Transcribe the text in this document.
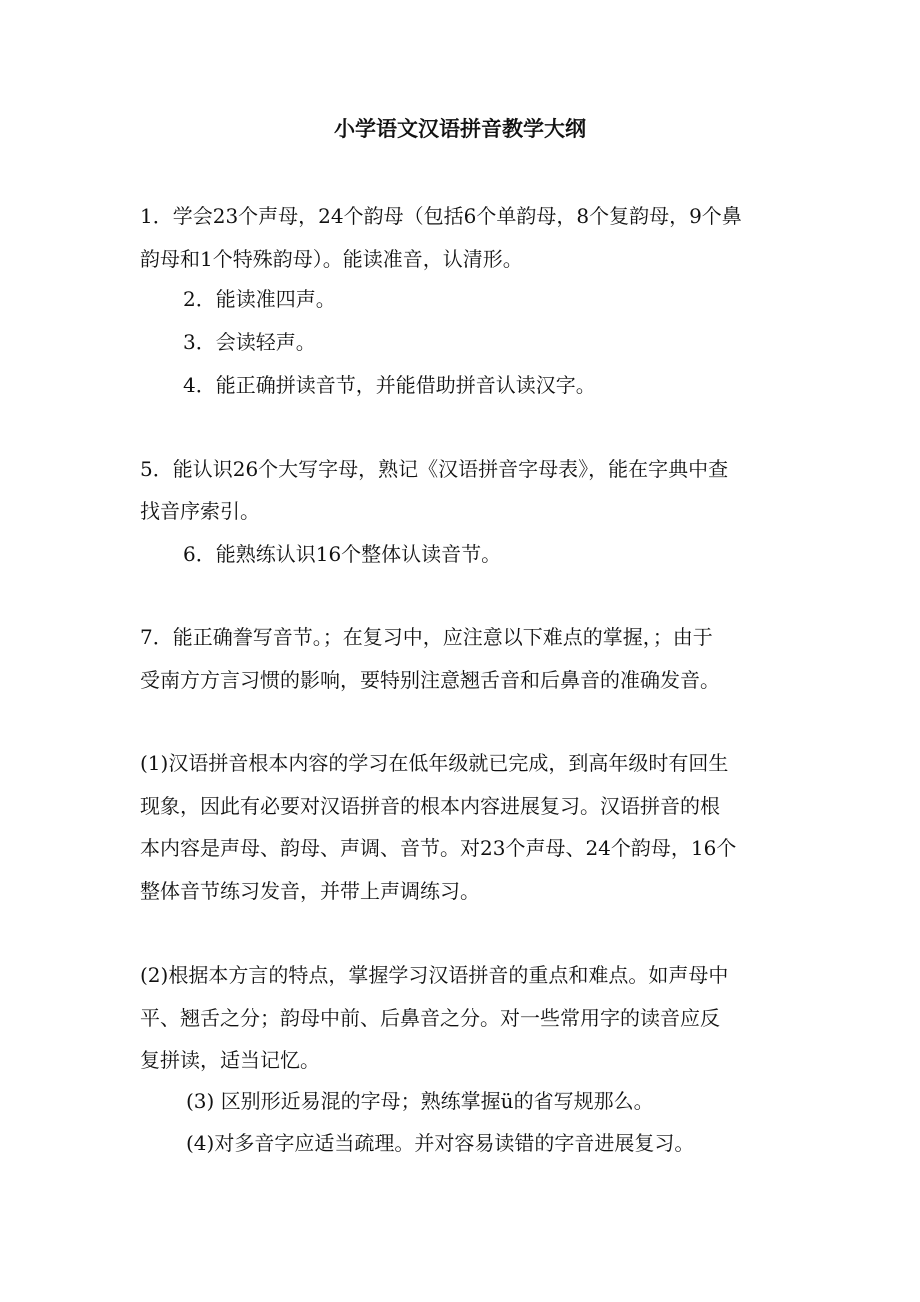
小学语文汉语拼音教学大纲
1．学会23个声母，24个韵母（包括6个单韵母，8个复韵母，9个鼻
韵母和1个特殊韵母）。能读准音，认清形。
2．能读准四声。
3．会读轻声。
4．能正确拼读音节，并能借助拼音认读汉字。
5．能认识26个大写字母，熟记《汉语拼音字母表》，能在字典中查
找音序索引。
6．能熟练认识16个整体认读音节。
7．能正确誊写音节。；在复习中，应注意以下难点的掌握，；由于
受南方方言习惯的影响，要特别注意翘舌音和后鼻音的准确发音。
(1)汉语拼音根本内容的学习在低年级就已完成，到高年级时有回生
现象，因此有必要对汉语拼音的根本内容进展复习。汉语拼音的根
本内容是声母、韵母、声调、音节。对23个声母、24个韵母，16个
整体音节练习发音，并带上声调练习。
(2)根据本方言的特点，掌握学习汉语拼音的重点和难点。如声母中
平、翘舌之分；韵母中前、后鼻音之分。对一些常用字的读音应反
复拼读，适当记忆。
(3) 区别形近易混的字母；熟练掌握ü的省写规那么。
(4)对多音字应适当疏理。并对容易读错的字音进展复习。
